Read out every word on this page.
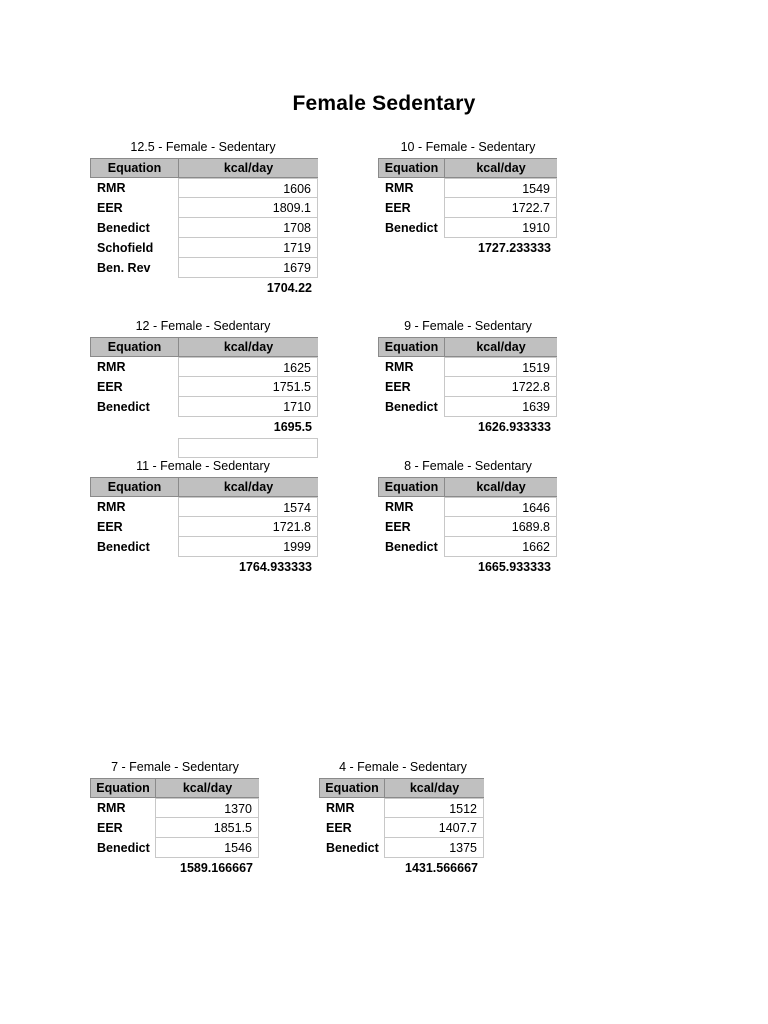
Female Sedentary
12.5 - Female - Sedentary
Equation	kcal/day
RMR	1606
EER	1809.1
Benedict	1708
Schofield	1719
Ben. Rev	1679
1704.22
10 - Female - Sedentary
Equation	kcal/day
RMR	1549
EER	1722.7
Benedict	1910
1727.233333
12 - Female - Sedentary
Equation	kcal/day
RMR	1625
EER	1751.5
Benedict	1710
1695.5
9 - Female - Sedentary
Equation	kcal/day
RMR	1519
EER	1722.8
Benedict	1639
1626.933333
11 - Female - Sedentary
Equation	kcal/day
RMR	1574
EER	1721.8
Benedict	1999
1764.933333
8 - Female - Sedentary
Equation	kcal/day
RMR	1646
EER	1689.8
Benedict	1662
1665.933333
7 - Female - Sedentary
Equation	kcal/day
RMR	1370
EER	1851.5
Benedict	1546
1589.166667
4 - Female - Sedentary
Equation	kcal/day
RMR	1512
EER	1407.7
Benedict	1375
1431.566667
